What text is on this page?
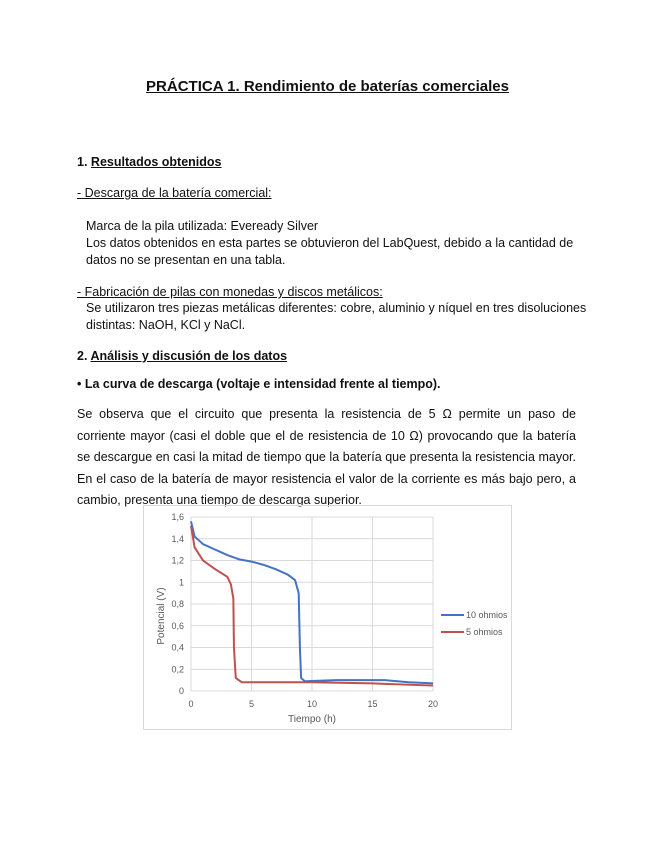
PRÁCTICA 1. Rendimiento de baterías comerciales
1. Resultados obtenidos
- Descarga de la batería comercial:
Marca de la pila utilizada: Eveready Silver
Los datos obtenidos en esta partes se obtuvieron del LabQuest, debido a la cantidad de
datos no se presentan en una tabla.
- Fabricación de pilas con monedas y discos metálicos:
Se utilizaron tres piezas metálicas diferentes: cobre, aluminio y níquel en tres disoluciones
distintas: NaOH, KCl y NaCl.
2. Análisis y discusión de los datos
• La curva de descarga (voltaje e intensidad frente al tiempo).
Se observa que el circuito que presenta la resistencia de 5 Ω permite un paso de corriente mayor (casi el doble que el de resistencia de 10 Ω) provocando que la batería se descargue en casi la mitad de tiempo que la batería que presenta la resistencia mayor. En el caso de la batería de mayor resistencia el valor de la corriente es más bajo pero, a cambio, presenta una tiempo de descarga superior.
0
0,2
0,4
0,6
0,8
1
1,2
1,4
1,6
0	5	10	15	20
10 ohmios
5 ohmios
Potencial (V)
Tiempo (h)
